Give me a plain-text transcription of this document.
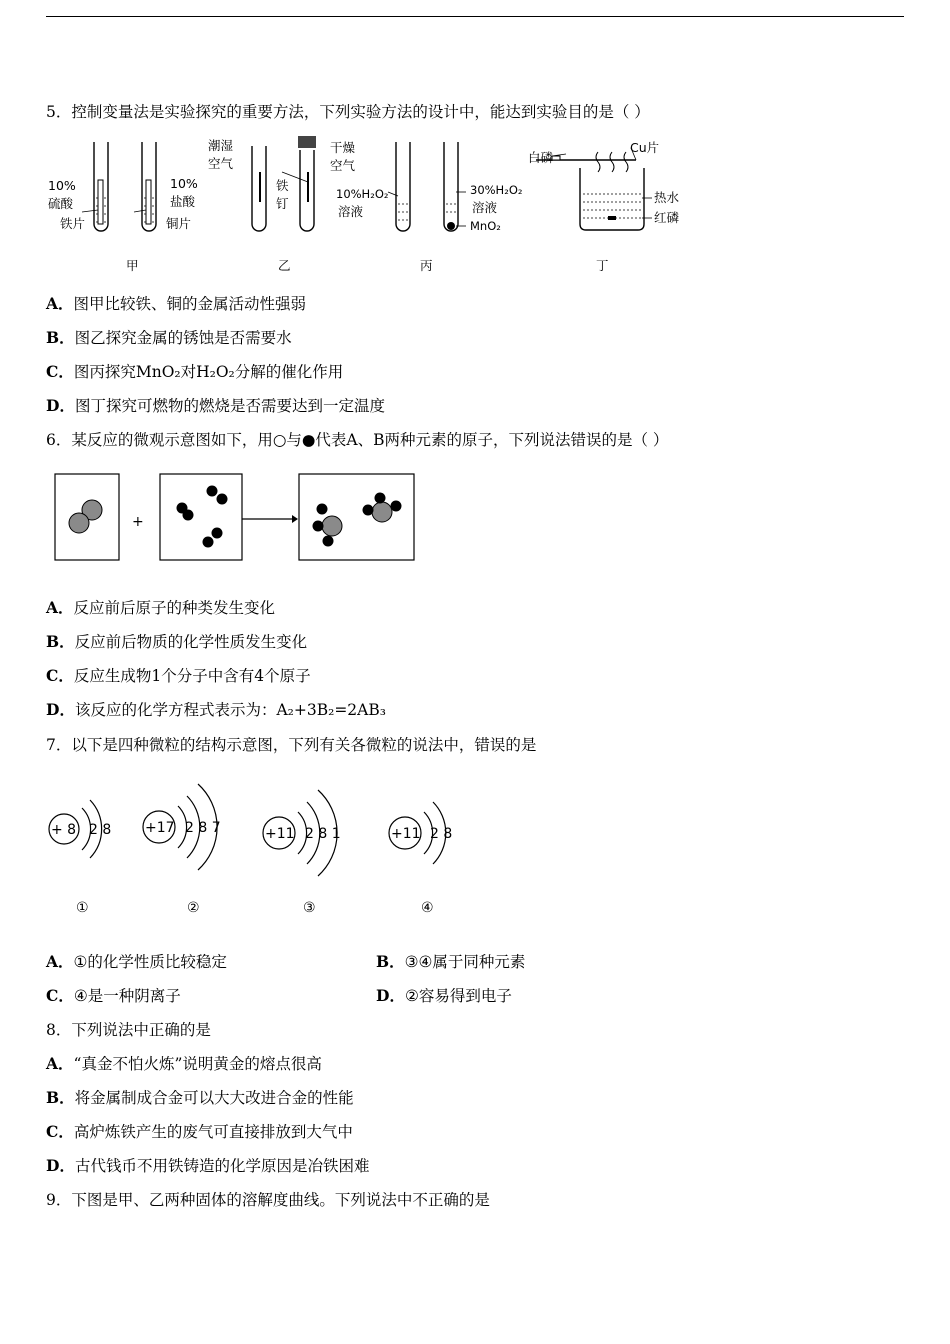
5．控制变量法是实验探究的重要方法，下列实验方法的设计中，能达到实验目的是（ ）
10%
硫酸
铁片
10%
盐酸
铜片
潮湿
空气
铁
钉
干燥
空气
10%H₂O₂
溶液
30%H₂O₂
溶液
MnO₂
白磷
Cu片
热水
红磷
甲	乙	丙	丁
A．图甲比较铁、铜的金属活动性强弱
B．图乙探究金属的锈蚀是否需要水
C．图丙探究MnO₂对H₂O₂分解的催化作用
D．图丁探究可燃物的燃烧是否需要达到一定温度
6．某反应的微观示意图如下，用○与●代表A、B两种元素的原子，下列说法错误的是（ ）
+
A．反应前后原子的种类发生变化
B．反应前后物质的化学性质发生变化
C．反应生成物1个分子中含有4个原子
D．该反应的化学方程式表示为：A₂+3B₂=2AB₃
7．以下是四种微粒的结构示意图，下列有关各微粒的说法中，错误的是
+ 8 2 8
①
+17 2 8 7
②
+11 2 8 1
③
+11 2 8
④
A．①的化学性质比较稳定	B．③④属于同种元素
C．④是一种阴离子	D．②容易得到电子
8．下列说法中正确的是
A．“真金不怕火炼”说明黄金的熔点很高
B．将金属制成合金可以大大改进合金的性能
C．高炉炼铁产生的废气可直接排放到大气中
D．古代钱币不用铁铸造的化学原因是冶铁困难
9．下图是甲、乙两种固体的溶解度曲线。下列说法中不正确的是
